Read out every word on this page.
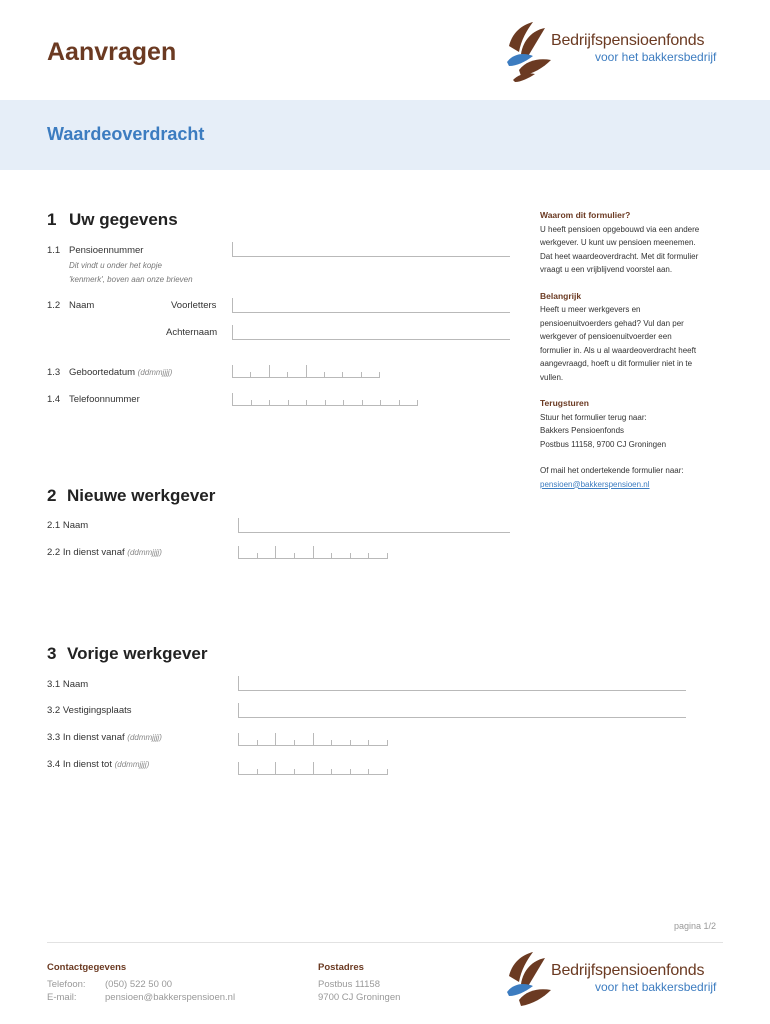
Aanvragen	Bedrijfspensioenfonds
voor het bakkersbedrijf
Waardeoverdracht
1 Uw gegevens
1.1 Pensioennummer
Dit vindt u onder het kopje
'kenmerk', boven aan onze brieven
1.2 Naam	Voorletters
Achternaam
1.3 Geboortedatum (ddmmjjjj)
1.4 Telefoonnummer
2 Nieuwe werkgever
2.1 Naam
2.2 In dienst vanaf (ddmmjjjj)
3 Vorige werkgever
3.1 Naam
3.2 Vestigingsplaats
3.3 In dienst vanaf (ddmmjjjj)
3.4 In dienst tot (ddmmjjjj)
Waarom dit formulier?
U heeft pensioen opgebouwd via een andere
werkgever. U kunt uw pensioen meenemen.
Dat heet waardeoverdracht. Met dit formulier
vraagt u een vrijblijvend voorstel aan.
Belangrijk
Heeft u meer werkgevers en
pensioenuitvoerders gehad? Vul dan per
werkgever of pensioenuitvoerder een
formulier in. Als u al waardeoverdracht heeft
aangevraagd, hoeft u dit formulier niet in te
vullen.
Terugsturen
Stuur het formulier terug naar:
Bakkers Pensioenfonds
Postbus 11158, 9700 CJ Groningen
Of mail het ondertekende formulier naar:
pensioen@bakkerspensioen.nl
pagina 1/2
Contactgegevens
Telefoon: (050) 522 50 00
E-mail:	pensioen@bakkerspensioen.nl
Postadres
Postbus 11158
9700 CJ Groningen
Bedrijfspensioenfonds
voor het bakkersbedrijf
